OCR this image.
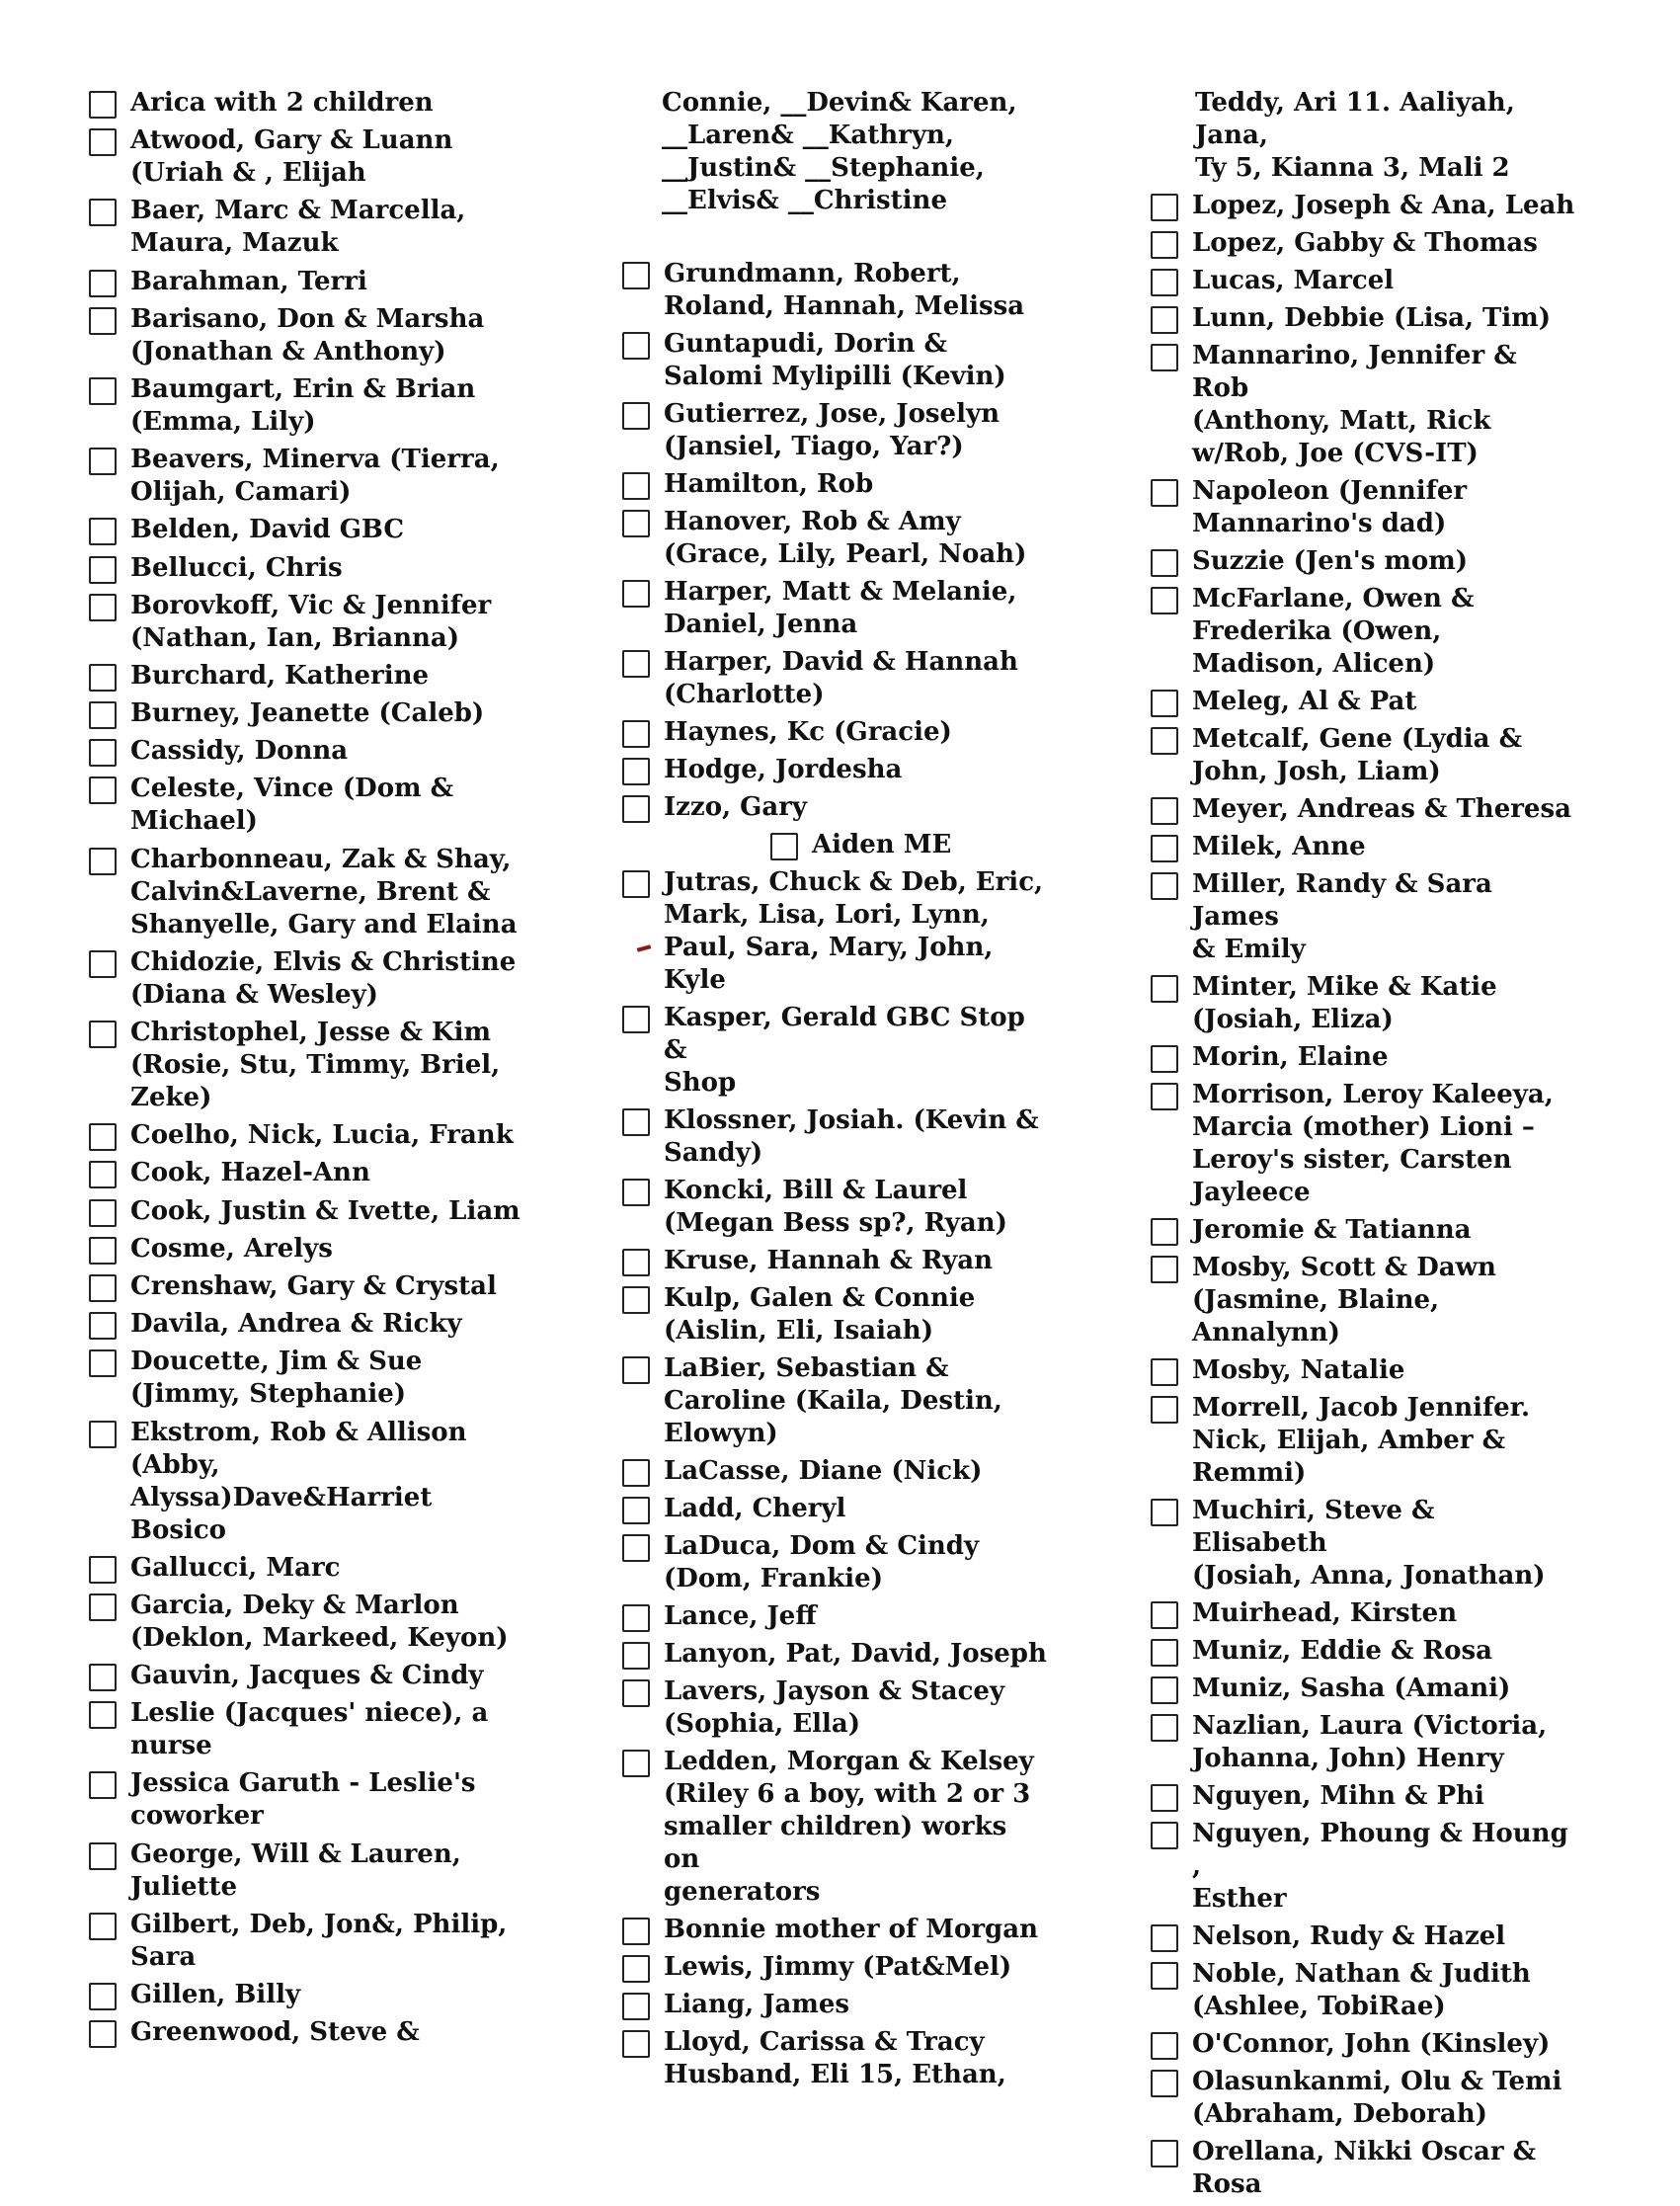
Arica with 2 children
Atwood, Gary & Luann
(Uriah & , Elijah
Baer, Marc & Marcella,
Maura, Mazuk
Barahman, Terri
Barisano, Don & Marsha
(Jonathan & Anthony)
Baumgart, Erin & Brian
(Emma, Lily)
Beavers, Minerva (Tierra,
Olijah, Camari)
Belden, David GBC
Bellucci, Chris
Borovkoff, Vic & Jennifer
(Nathan, Ian, Brianna)
Burchard, Katherine
Burney, Jeanette (Caleb)
Cassidy, Donna
Celeste, Vince (Dom &
Michael)
Charbonneau, Zak & Shay,
Calvin&Laverne, Brent &
Shanyelle, Gary and Elaina
Chidozie, Elvis & Christine
(Diana & Wesley)
Christophel, Jesse & Kim
(Rosie, Stu, Timmy, Briel,
Zeke)
Coelho, Nick, Lucia, Frank
Cook, Hazel-Ann
Cook, Justin & Ivette, Liam
Cosme, Arelys
Crenshaw, Gary & Crystal
Davila, Andrea & Ricky
Doucette, Jim & Sue
(Jimmy, Stephanie)
Ekstrom, Rob & Allison
(Abby, Alyssa)Dave&Harriet
Bosico
Gallucci, Marc
Garcia, Deky & Marlon
(Deklon, Markeed, Keyon)
Gauvin, Jacques & Cindy
Leslie (Jacques' niece), a
nurse
Jessica Garuth - Leslie's
coworker
George, Will & Lauren,
Juliette
Gilbert, Deb, Jon&, Philip,
Sara
Gillen, Billy
Greenwood, Steve &
Connie, __Devin& Karen,
__Laren& __Kathryn,
__Justin& __Stephanie,
__Elvis& __Christine
Grundmann, Robert,
Roland, Hannah, Melissa
Guntapudi, Dorin &
Salomi Mylipilli (Kevin)
Gutierrez, Jose, Joselyn
(Jansiel, Tiago, Yar?)
Hamilton, Rob
Hanover, Rob & Amy
(Grace, Lily, Pearl, Noah)
Harper, Matt & Melanie,
Daniel, Jenna
Harper, David & Hannah
(Charlotte)
Haynes, Kc (Gracie)
Hodge, Jordesha
Izzo, Gary
Aiden ME
Jutras, Chuck & Deb, Eric,
Mark, Lisa, Lori, Lynn,
Paul, Sara, Mary, John,
Kyle
Kasper, Gerald GBC Stop &
Shop
Klossner, Josiah. (Kevin &
Sandy)
Koncki, Bill & Laurel
(Megan Bess sp?, Ryan)
Kruse, Hannah & Ryan
Kulp, Galen & Connie
(Aislin, Eli, Isaiah)
LaBier, Sebastian &
Caroline (Kaila, Destin,
Elowyn)
LaCasse, Diane (Nick)
Ladd, Cheryl
LaDuca, Dom & Cindy
(Dom, Frankie)
Lance, Jeff
Lanyon, Pat, David, Joseph
Lavers, Jayson & Stacey
(Sophia, Ella)
Ledden, Morgan & Kelsey
(Riley 6 a boy, with 2 or 3
smaller children) works on
generators
Bonnie mother of Morgan
Lewis, Jimmy (Pat&Mel)
Liang, James
Lloyd, Carissa & Tracy
Husband, Eli 15, Ethan,
Teddy, Ari 11. Aaliyah, Jana,
Ty 5, Kianna 3, Mali 2
Lopez, Joseph & Ana, Leah
Lopez, Gabby & Thomas
Lucas, Marcel
Lunn, Debbie (Lisa, Tim)
Mannarino, Jennifer & Rob
(Anthony, Matt, Rick
w/Rob, Joe (CVS-IT)
Napoleon (Jennifer
Mannarino's dad)
Suzzie (Jen's mom)
McFarlane, Owen &
Frederika (Owen,
Madison, Alicen)
Meleg, Al & Pat
Metcalf, Gene (Lydia &
John, Josh, Liam)
Meyer, Andreas & Theresa
Milek, Anne
Miller, Randy & Sara James
& Emily
Minter, Mike & Katie
(Josiah, Eliza)
Morin, Elaine
Morrison, Leroy Kaleeya,
Marcia (mother) Lioni –
Leroy's sister, Carsten
Jayleece
Jeromie & Tatianna
Mosby, Scott & Dawn
(Jasmine, Blaine,
Annalynn)
Mosby, Natalie
Morrell, Jacob Jennifer.
Nick, Elijah, Amber &
Remmi)
Muchiri, Steve & Elisabeth
(Josiah, Anna, Jonathan)
Muirhead, Kirsten
Muniz, Eddie & Rosa
Muniz, Sasha (Amani)
Nazlian, Laura (Victoria,
Johanna, John) Henry
Nguyen, Mihn & Phi
Nguyen, Phoung & Houng ,
Esther
Nelson, Rudy & Hazel
Noble, Nathan & Judith
(Ashlee, TobiRae)
O'Connor, John (Kinsley)
Olasunkanmi, Olu & Temi
(Abraham, Deborah)
Orellana, Nikki Oscar &
Rosa
